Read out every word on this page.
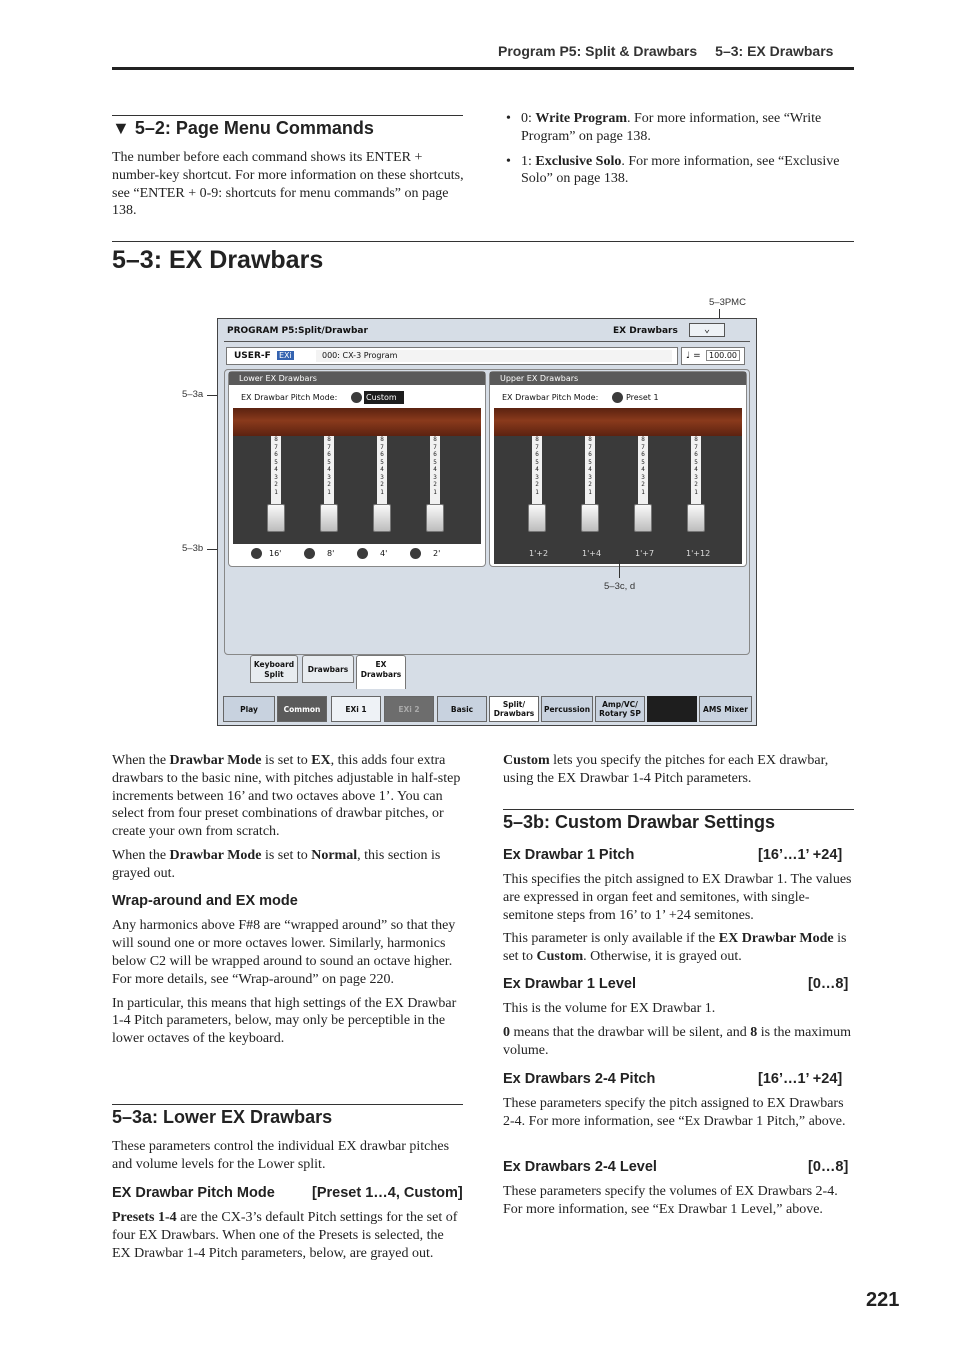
Program P5: Split & Drawbars 5–3: EX Drawbars
▼ 5–2: Page Menu Commands
The number before each command shows its ENTER + number-key shortcut. For more information on these shortcuts, see “ENTER + 0-9: shortcuts for menu commands” on page 138.
• 0: Write Program. For more information, see “Write Program” on page 138.
• 1: Exclusive Solo. For more information, see “Exclusive Solo” on page 138.
5–3: EX Drawbars
5–3PMC
5–3a
5–3b
PROGRAM P5:Split/Drawbar	EX Drawbars	⌄
USER-F EXi	000: CX-3 Program	♩ =	100.00
Lower EX Drawbars
EX Drawbar Pitch Mode:	Custom
8
7
6
5
4
3
2
1
8
7
6
5
4
3
2
1
8
7
6
5
4
3
2
1
8
7
6
5
4
3
2
1
16'	8'	4'	2'
Upper EX Drawbars
EX Drawbar Pitch Mode:	Preset 1
8
7
6
5
4
3
2
1
8
7
6
5
4
3
2
1
8
7
6
5
4
3
2
1
8
7
6
5
4
3
2
1
1'+2	1'+4	1'+7	1'+12
Keyboard
Split
Drawbars
EX
Drawbars
Play	Common	EXi 1	EXi 2	Basic	Split/
Drawbars Percussion Amp/VC/
Rotary SP	AMS Mixer
5–3c, d

When the Drawbar Mode is set to EX, this adds four extra drawbars to the basic nine, with pitches adjustable in half-step increments between 16’ and two octaves above 1’. You can select from four preset combinations of drawbar pitches, or create your own from scratch.

When the Drawbar Mode is set to Normal, this section is grayed out.

Wrap-around and EX mode

Any harmonics above F#8 are “wrapped around” so that they will sound one or more octaves lower. Similarly, harmonics below C2 will be wrapped around to sound an octave higher. For more details, see “Wrap-around” on page 220.

In particular, this means that high settings of the EX Drawbar 1-4 Pitch parameters, below, may only be perceptible in the lower octaves of the keyboard.

5–3a: Lower EX Drawbars
These parameters control the individual EX drawbar pitches and volume levels for the Lower split.
EX Drawbar Pitch Mode	[Preset 1…4, Custom]
Presets 1-4 are the CX-3’s default Pitch settings for the set of four EX Drawbars. When one of the Presets is selected, the EX Drawbar 1-4 Pitch parameters, below, are grayed out.
Custom lets you specify the pitches for each EX drawbar, using the EX Drawbar 1-4 Pitch parameters.
5–3b: Custom Drawbar Settings
Ex Drawbar 1 Pitch	[16’…1’ +24]
This specifies the pitch assigned to EX Drawbar 1. The values are expressed in organ feet and semitones, with single-semitone steps from 16’ to 1’ +24 semitones.
This parameter is only available if the EX Drawbar Mode is set to Custom. Otherwise, it is grayed out.
Ex Drawbar 1 Level	[0…8]
This is the volume for EX Drawbar 1.
0 means that the drawbar will be silent, and 8 is the maximum volume.
Ex Drawbars 2-4 Pitch	[16’…1’ +24]
These parameters specify the pitch assigned to EX Drawbars 2-4. For more information, see “Ex Drawbar 1 Pitch,” above.
Ex Drawbars 2-4 Level	[0…8]
These parameters specify the volumes of EX Drawbars 2-4. For more information, see “Ex Drawbar 1 Level,” above.
221
